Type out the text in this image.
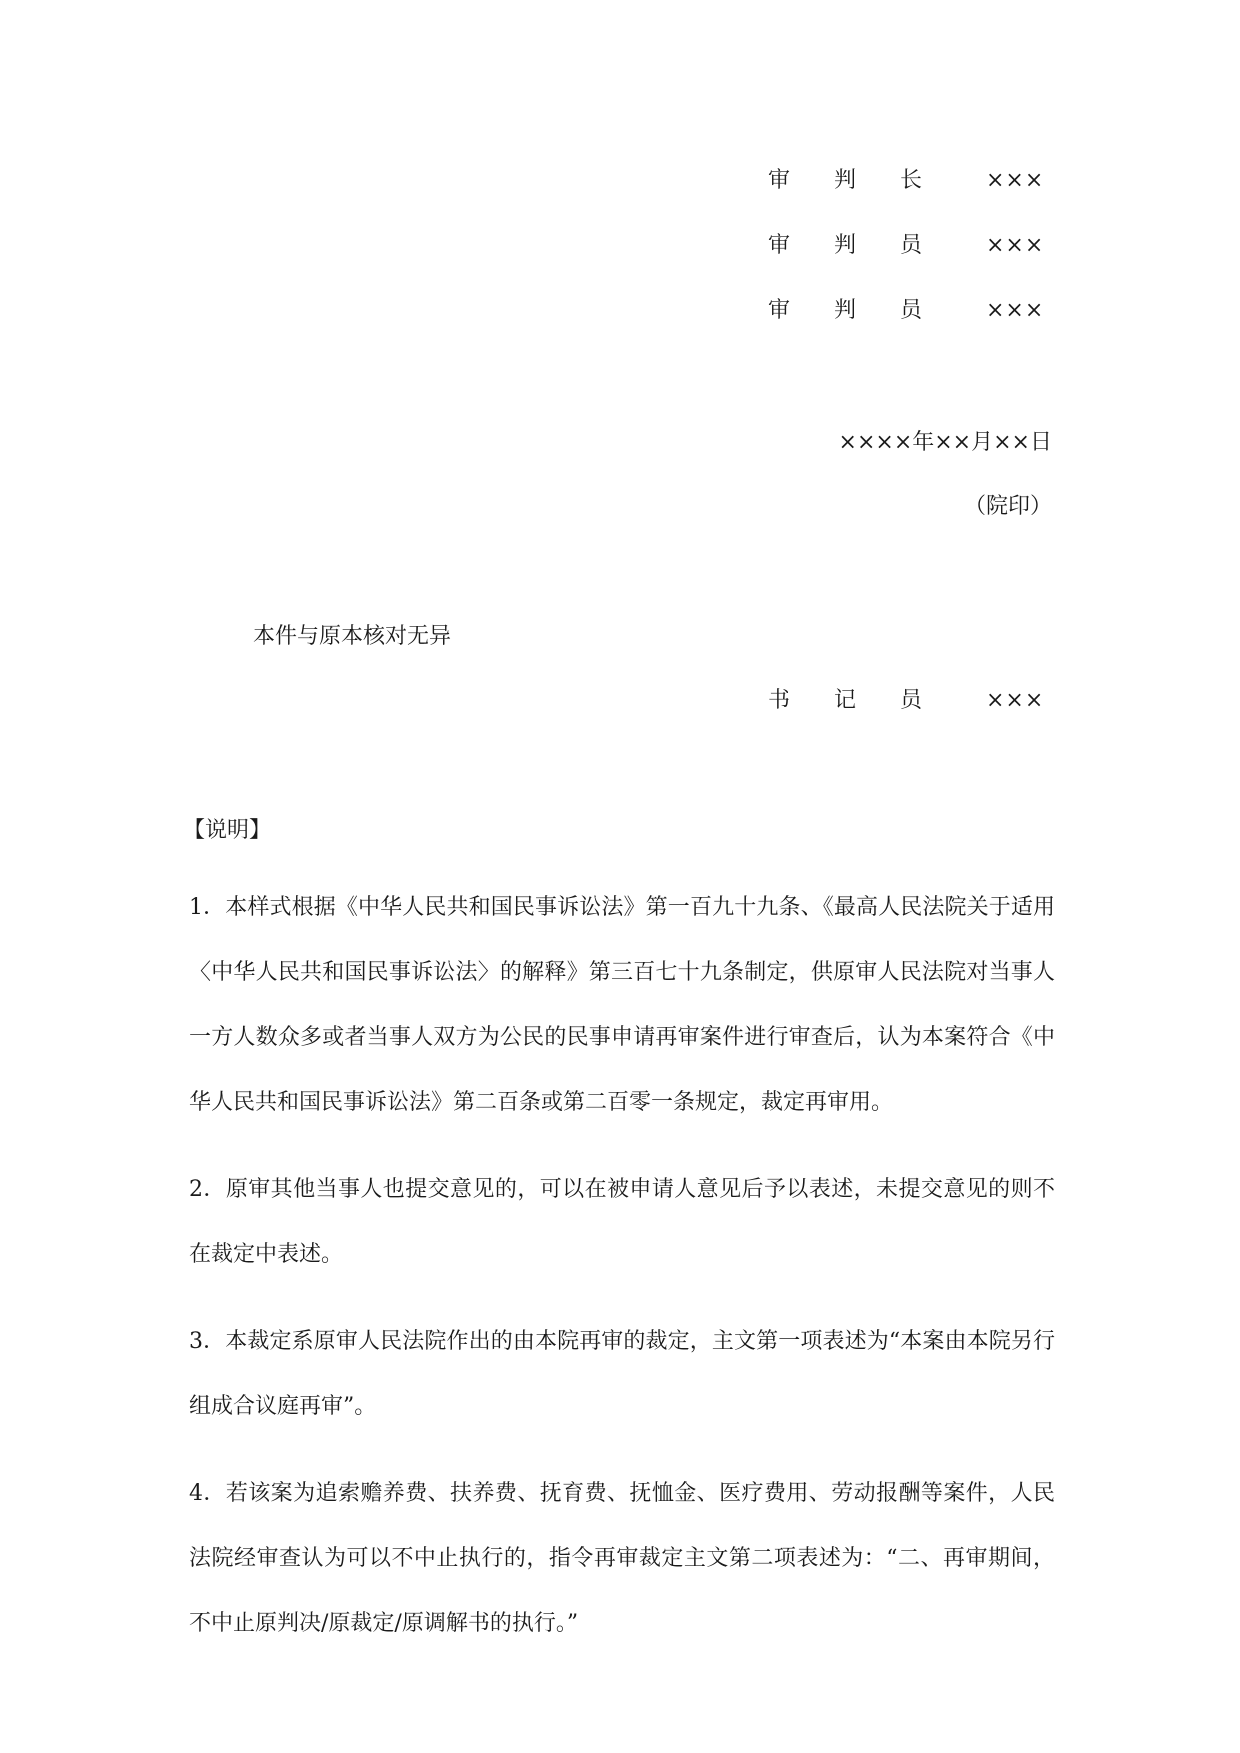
审 判 长	×××
审 判 员	×××
审 判 员	×××
××××年××月××日
（院印）
本件与原本核对无异
书 记 员	×××
【说明】

1．本样式根据《中华人民共和国民事诉讼法》第一百九十九条、《最高人民法院关于适用〈中华人民共和国民事诉讼法〉的解释》第三百七十九条制定，供原审人民法院对当事人一方人数众多或者当事人双方为公民的民事申请再审案件进行审查后，认为本案符合《中华人民共和国民事诉讼法》第二百条或第二百零一条规定，裁定再审用。

2．原审其他当事人也提交意见的，可以在被申请人意见后予以表述，未提交意见的则不在裁定中表述。

3．本裁定系原审人民法院作出的由本院再审的裁定，主文第一项表述为“本案由本院另行组成合议庭再审”。

4．若该案为追索赡养费、扶养费、抚育费、抚恤金、医疗费用、劳动报酬等案件，人民法院经审查认为可以不中止执行的，指令再审裁定主文第二项表述为：“二、再审期间，不中止原判决/原裁定/原调解书的执行。”
